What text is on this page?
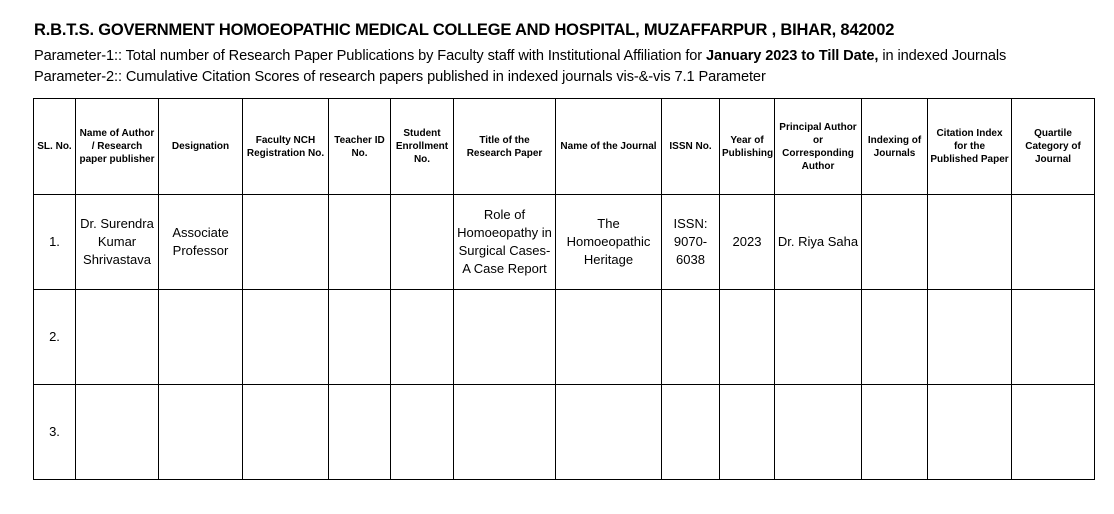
R.B.T.S. GOVERNMENT HOMOEOPATHIC MEDICAL COLLEGE AND HOSPITAL, MUZAFFARPUR , BIHAR, 842002
Parameter-1:: Total number of Research Paper Publications by Faculty staff with Institutional Affiliation for January 2023 to Till Date, in indexed Journals
Parameter-2:: Cumulative Citation Scores of research papers published in indexed journals vis-&-vis 7.1 Parameter
SL. No.	Name of Author / Research paper publisher	Designation	Faculty NCH Registration No.	Teacher ID No.	Student Enrollment No.	Title of the Research Paper	Name of the Journal	ISSN No.	Year of Publishing	Principal Author or Corresponding Author	Indexing of Journals	Citation Index for the Published Paper	Quartile Category of Journal
1.	Dr. Surendra Kumar Shrivastava	Associate Professor				Role of Homoeopathy in Surgical Cases- A Case Report	The Homoeopathic Heritage	ISSN: 9070-6038	2023	Dr. Riya Saha			
2.													
3.													
